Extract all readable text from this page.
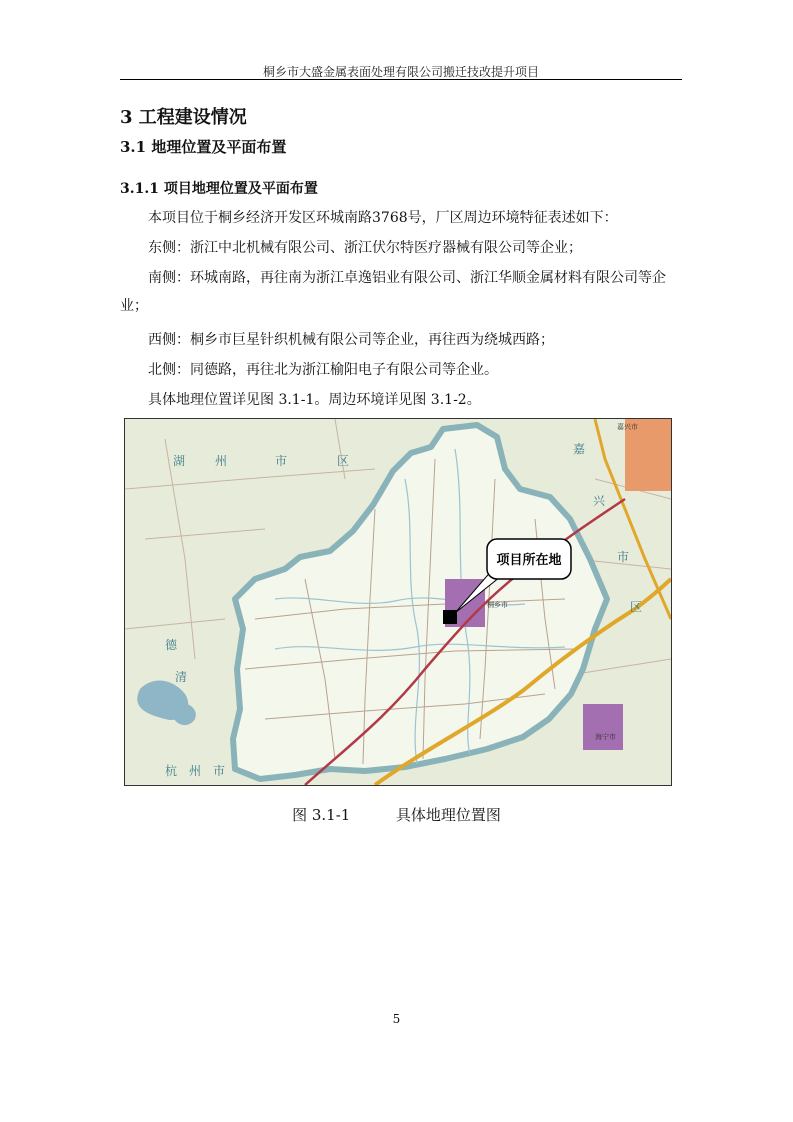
桐乡市大盛金属表面处理有限公司搬迁技改提升项目
3 工程建设情况
3.1 地理位置及平面布置
3.1.1 项目地理位置及平面布置
本项目位于桐乡经济开发区环城南路3768号，厂区周边环境特征表述如下：
东侧：浙江中北机械有限公司、浙江伏尔特医疗器械有限公司等企业；
南侧：环城南路，再往南为浙江卓逸铝业有限公司、浙江华顺金属材料有限公司等企业；
西侧：桐乡市巨星针织机械有限公司等企业，再往西为绕城西路；
北侧：同德路，再往北为浙江榆阳电子有限公司等企业。
具体地理位置详见图 3.1-1。周边环境详见图 3.1-2。
项目所在地
湖 州	市	区
嘉
兴
市
区
德
清
杭 州 市
桐乡市
嘉兴市
海宁市
图 3.1-1	具体地理位置图
5
